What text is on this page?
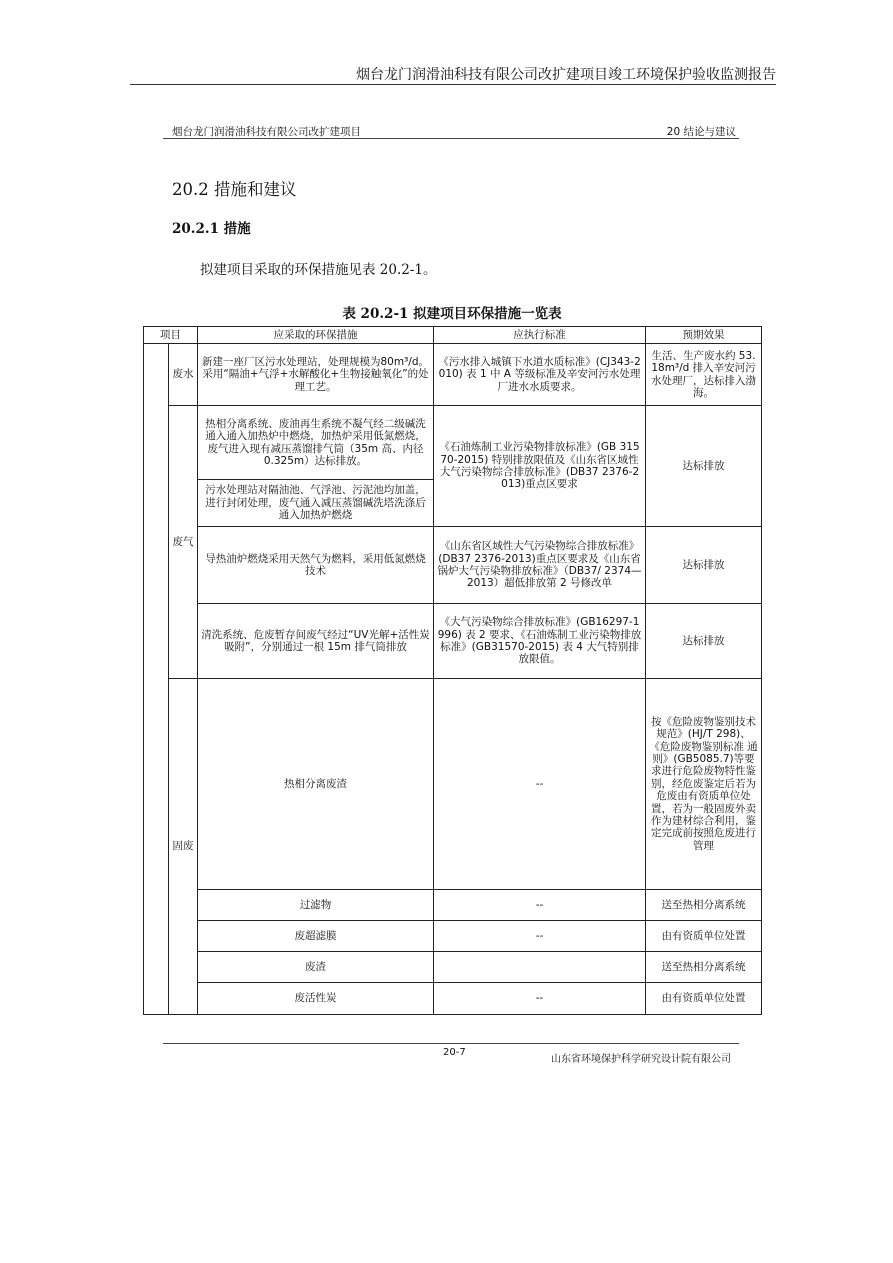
烟台龙门润滑油科技有限公司改扩建项目竣工环境保护验收监测报告
烟台龙门润滑油科技有限公司改扩建项目	20 结论与建议
20.2 措施和建议
20.2.1 措施
拟建项目采取的环保措施见表 20.2-1。
表 20.2-1 拟建项目环保措施一览表
项目		应采取的环保措施	应执行标准	预期效果
	废水	新建一座厂区污水处理站，处理规模为80m³/d。采用“隔油+气浮+水解酸化+生物接触氧化”的处理工艺。	《污水排入城镇下水道水质标准》(CJ343-2010) 表 1 中 A 等级标准及辛安河污水处理厂进水水质要求。	生活、生产废水约 53.18m³/d 排入辛安河污水处理厂，达标排入渤海。
	废气	热相分离系统、废油再生系统不凝气经二级碱洗通入通入加热炉中燃烧，加热炉采用低氮燃烧，废气进入现有减压蒸馏排气筒（35m 高、内径 0.325m）达标排放。	《石油炼制工业污染物排放标准》(GB 31570-2015) 特别排放限值及《山东省区域性大气污染物综合排放标准》(DB37 2376-2013)重点区要求	达标排放
		污水处理站对隔油池、气浮池、污泥池均加盖，进行封闭处理，废气通入减压蒸馏碱洗塔洗涤后通入加热炉燃烧		
		导热油炉燃烧采用天然气为燃料，采用低氮燃烧技术	《山东省区域性大气污染物综合排放标准》(DB37 2376-2013)重点区要求及《山东省锅炉大气污染物排放标准》（DB37/ 2374—2013）超低排放第 2 号修改单	达标排放
		清洗系统、危废暂存间废气经过“UV光解+活性炭吸附”，分别通过一根 15m 排气筒排放	《大气污染物综合排放标准》(GB16297-1996) 表 2 要求、《石油炼制工业污染物排放标准》(GB31570-2015) 表 4 大气特别排放限值。	达标排放
	固废	热相分离废渣	--	按《危险废物鉴别技术规范》(HJ/T 298)、《危险废物鉴别标准 通则》(GB5085.7)等要求进行危险废物特性鉴别，经危废鉴定后若为危废由有资质单位处置，若为一般固废外卖作为建材综合利用，鉴定完成前按照危废进行管理
		过滤物	--	送至热相分离系统
		废超滤膜	--	由有资质单位处置
		废渣		送至热相分离系统
		废活性炭	--	由有资质单位处置
20-7
山东省环境保护科学研究设计院有限公司
